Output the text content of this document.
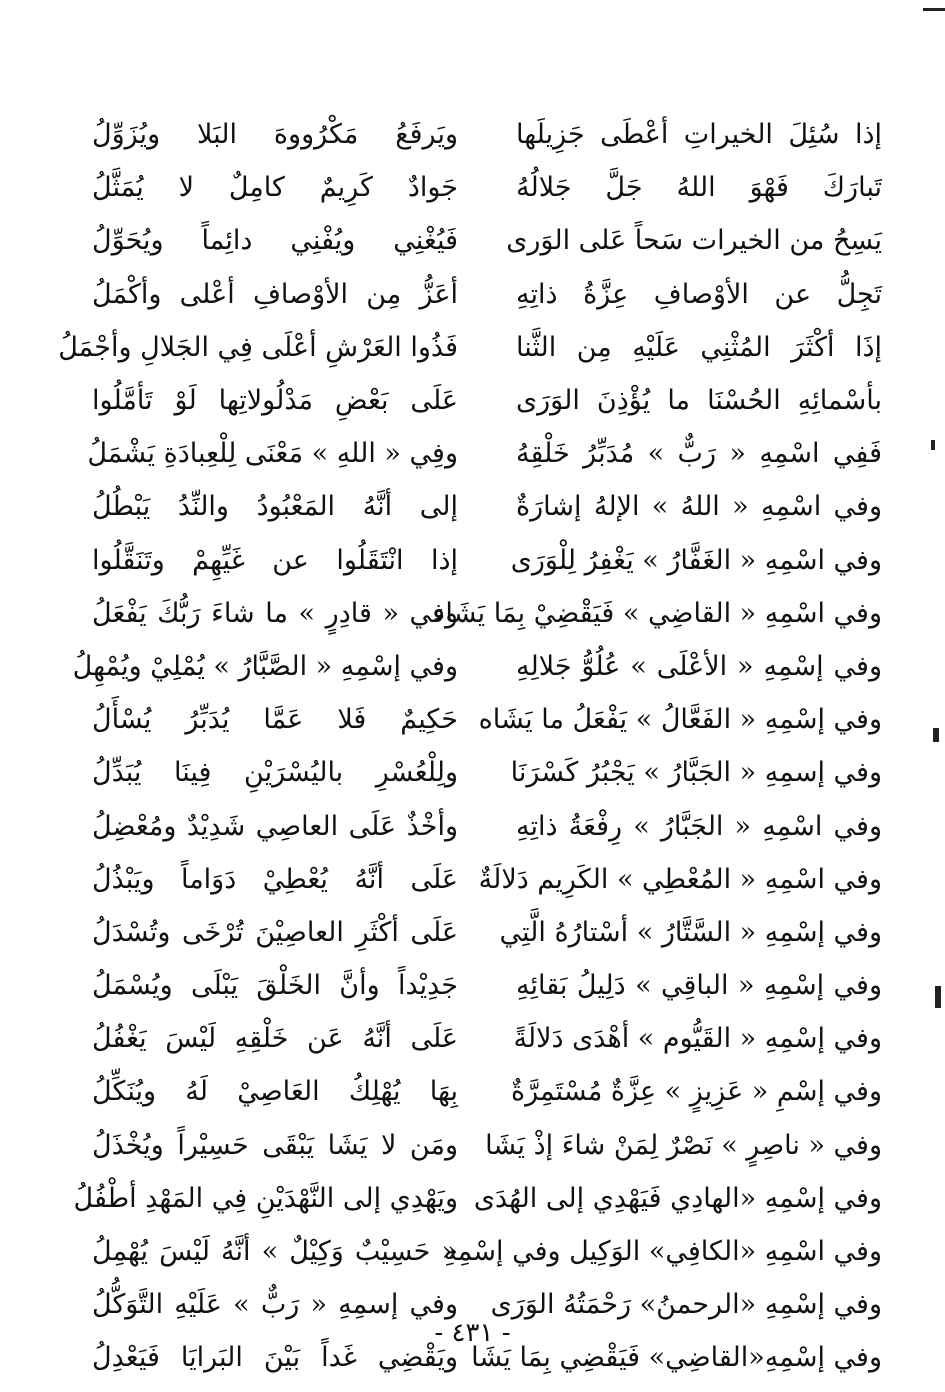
إذا سُئِلَ الخيراتِ أعْطَى جَزِيلَها
ويَرفَعُ مَكْرُووهَ البَلا ويُزَوِّلُ
تَبارَكَ فَهْوَ اللهُ جَلَّ جَلالُهُ
جَوادٌ كَرِيمٌ كامِلٌ لا يُمَثَّلُ
يَسِحُ من الخيرات سَحاً عَلى الوَرى
فَيُغْنِي ويُفْنِي دائِماً ويُحَوِّلُ
تَجِلُّ عن الأوْصافِ عِزَّةُ ذاتِهِ
أعَزُّ مِن الأوْصافِ أعْلى وأكْمَلُ
إذَا أكْثَرَ المُثْنِي عَلَيْهِ مِن الثَّنا
فَذُوا العَرْشِ أعْلَى فِي الجَلالِ وأجْمَلُ
بأسْمائِهِ الحُسْنَا ما يُؤْذِنَ الوَرَى
عَلَى بَعْضِ مَدْلُولاتِها لَوْ تَأمَّلُوا
فَفِي اسْمِهِ « رَبٌّ » مُدَبِّرُ خَلْقِهُ
وفِي « اللهِ » مَعْنَى لِلْعِبادَةِ يَشْمَلُ
وفي اسْمِهِ « اللهُ » الإلهُ إشارَةٌ
إلى أنَّهُ المَعْبُودُ والنِّدُ يَبْطُلُ
وفي اسْمِهِ « الغَفَّارُ » يَغْفِرُ لِلْوَرَى
إذا انْتَقَلُوا عن غَيِّهِمْ وتَنَقَّلُوا
وفي اسْمِهِ « القاضِي » فَيَقْضِيْ بِمَا يَشَاء
وفي « قادِرٍ » ما شاءَ رَبُّكَ يَفْعَلُ
وفي إسْمِهِ « الأعْلَى » عُلُوُّ جَلالِهِ
وفي إسْمِهِ « الصَّبَّارُ » يُمْلِيْ ويُمْهِلُ
وفي إسْمِهِ « الفَعَّالُ » يَفْعَلُ ما يَشَاه
حَكِيمٌ فَلا عَمَّا يُدَبِّرُ يُسْأَلُ
وفي إسمِهِ « الجَبَّارُ » يَجْبُرُ كَسْرَنَا
ولِلْعُسْرِ باليُسْرَيْنِ فِينَا يُبَدِّلُ
وفي اسْمِهِ « الجَبَّارُ » رِفْعَةُ ذاتِهِ
وأخْذٌ عَلَى العاصِي شَدِيْدٌ ومُعْضِلُ
وفي اسْمِهِ « المُعْطِي » الكَرِيم دَلالَةٌ
عَلَى أنَّهُ يُعْطِيْ دَوَاماً ويَبْذُلُ
وفي إسْمِهِ « السَّتَّارُ » أسْتارُهُ الَّتِي
عَلَى أكْثَرِ العاصِيْنَ تُرْخَى وتُسْدَلُ
وفي إسْمِهِ « الباقِي » دَلِيلُ بَقائِهِ
جَدِيْداً وأنَّ الخَلْقَ يَبْلَى ويُسْمَلُ
وفي إسْمِهِ « القَيُّوم » أهْدَى دَلالَةً
عَلَى أنَّهُ عَن خَلْقِهِ لَيْسَ يَغْفُلُ
وفي إسْمِ « عَزِيزٍ » عِزَّةٌ مُسْتَمِرَّةٌ
بِهَا يُهْلِكُ العَاصِيْ لَهُ ويُنَكِّلُ
وفي « ناصِرٍ » نَصْرٌ لِمَنْ شاءَ إذْ يَشَا
ومَن لا يَشَا يَبْقَى حَسِيْراً ويُخْذَلُ
وفي إسْمِهِ «الهادِي فَيَهْدِي إلى الهُدَى
ويَهْدِي إلى النَّهْدَيْنِ فِي المَهْدِ أطْفُلُ
وفي اسْمِهِ «الكافِي» الوَكِيل وفي إسْمِهِ
« حَسِيْبٌ وَكِيْلٌ » أنَّهُ لَيْسَ يُهْمِلُ
وفي إسْمِهِ «الرحمنُ» رَحْمَتُهُ الوَرَى
وفي إسمِهِ « رَبٌّ » عَلَيْهِ التَّوَكُّلُ
وفي إسْمِهِ«القاضِي» فَيَقْضِي بِمَا يَشَا
ويَقْضِي غَداً بَيْنَ البَرايَا فَيَعْدِلُ
- ٤٣١ -
